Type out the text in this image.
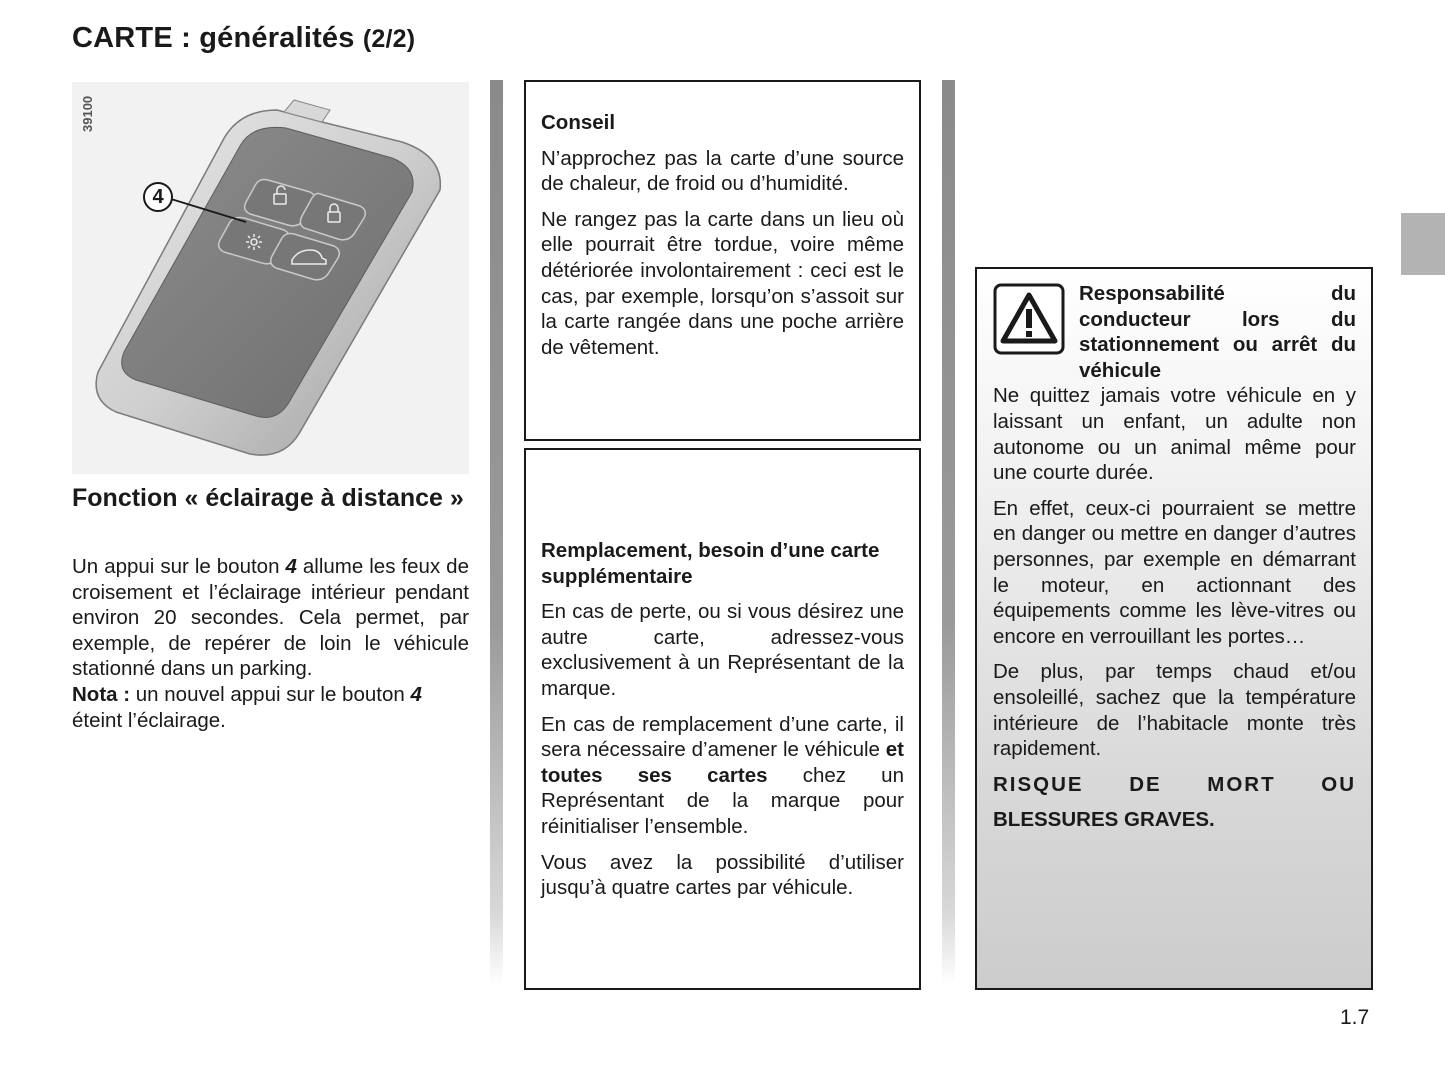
CARTE : généralités (2/2)
39100
4
Fonction « éclairage à distance »

Un appui sur le bouton 4 allume les feux de croisement et l’éclairage intérieur pendant environ 20 secondes. Cela permet, par exemple, de repérer de loin le véhicule stationné dans un parking.

Nota : un nouvel appui sur le bouton 4
éteint l’éclairage.

Conseil

N’approchez pas la carte d’une source de chaleur, de froid ou d’humidité.

Ne rangez pas la carte dans un lieu où elle pourrait être tordue, voire même détériorée involontairement : ceci est le cas, par exemple, lorsqu’on s’assoit sur la carte rangée dans une poche arrière de vêtement.

Remplacement, besoin d’une carte supplémentaire

En cas de perte, ou si vous désirez une autre carte, adressez-vous exclusivement à un Représentant de la marque.

En cas de remplacement d’une carte, il sera nécessaire d’amener le véhicule et toutes ses cartes chez un Représentant de la marque pour réinitialiser l’ensemble.

Vous avez la possibilité d’utiliser jusqu’à quatre cartes par véhicule.

Responsabilité du conducteur lors du stationnement ou arrêt du véhicule

Ne quittez jamais votre véhicule en y laissant un enfant, un adulte non autonome ou un animal même pour une courte durée.

En effet, ceux-ci pourraient se mettre en danger ou mettre en danger d’autres personnes, par exemple en démarrant le moteur, en actionnant des équipements comme les lève-vitres ou encore en verrouillant les portes…

De plus, par temps chaud et/ou ensoleillé, sachez que la température intérieure de l’habitacle monte très rapidement.

RISQUE DE MORT OU

BLESSURES GRAVES.

1.7
